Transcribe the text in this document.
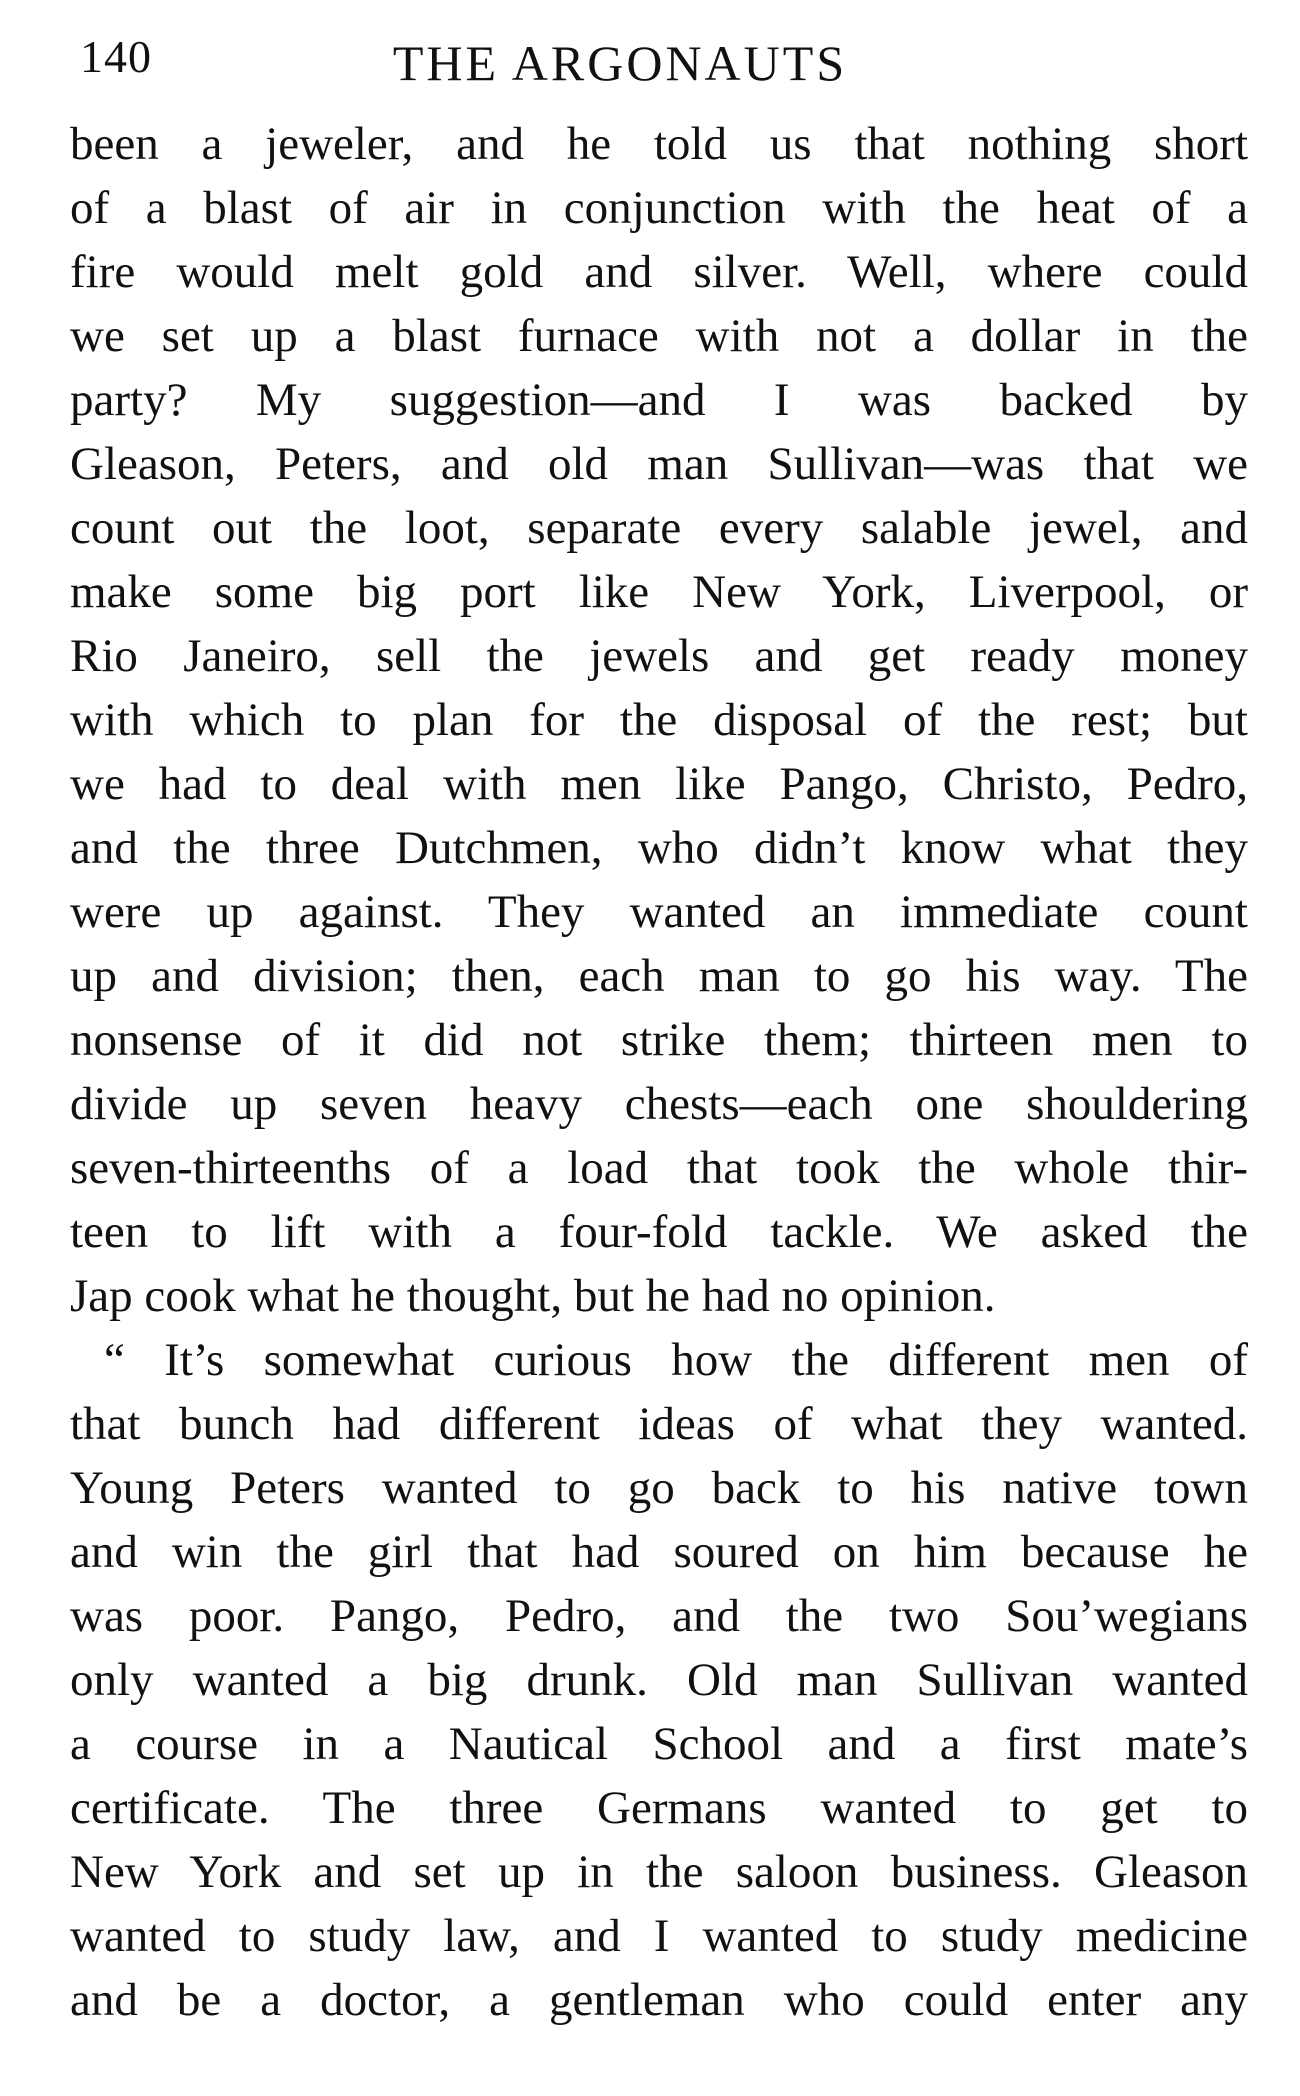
140	THE ARGONAUTS
been a jeweler, and he told us that nothing short
of a blast of air in conjunction with the heat of a
fire would melt gold and silver. Well, where could
we set up a blast furnace with not a dollar in the
party? My suggestion—and I was backed by
Gleason, Peters, and old man Sullivan—was that we
count out the loot, separate every salable jewel, and
make some big port like New York, Liverpool, or
Rio Janeiro, sell the jewels and get ready money
with which to plan for the disposal of the rest; but
we had to deal with men like Pango, Christo, Pedro,
and the three Dutchmen, who didn’t know what they
were up against. They wanted an immediate count
up and division; then, each man to go his way. The
nonsense of it did not strike them; thirteen men to
divide up seven heavy chests—each one shouldering
seven-thirteenths of a load that took the whole thir-
teen to lift with a four-fold tackle. We asked the
Jap cook what he thought, but he had no opinion.
“ It’s somewhat curious how the different men of
that bunch had different ideas of what they wanted.
Young Peters wanted to go back to his native town
and win the girl that had soured on him because he
was poor. Pango, Pedro, and the two Sou’wegians
only wanted a big drunk. Old man Sullivan wanted
a course in a Nautical School and a first mate’s
certificate. The three Germans wanted to get to
New York and set up in the saloon business. Gleason
wanted to study law, and I wanted to study medicine
and be a doctor, a gentleman who could enter any
